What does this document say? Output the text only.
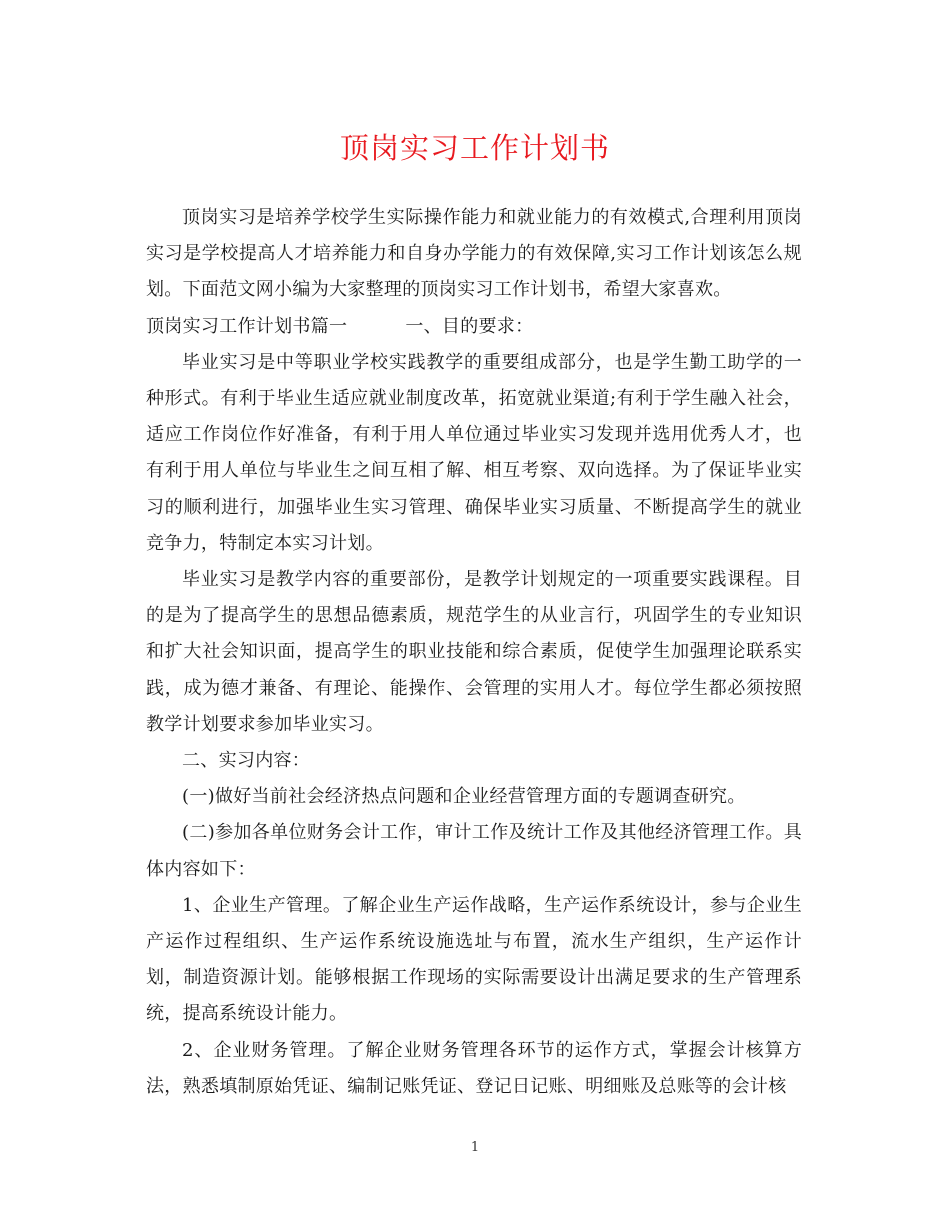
顶岗实习工作计划书

顶岗实习是培养学校学生实际操作能力和就业能力的有效模式,合理利用顶岗实习是学校提高人才培养能力和自身办学能力的有效保障,实习工作计划该怎么规划。下面范文网小编为大家整理的顶岗实习工作计划书，希望大家喜欢。

顶岗实习工作计划书篇一	一、目的要求：

毕业实习是中等职业学校实践教学的重要组成部分，也是学生勤工助学的一种形式。有利于毕业生适应就业制度改革，拓宽就业渠道;有利于学生融入社会，适应工作岗位作好准备，有利于用人单位通过毕业实习发现并选用优秀人才，也有利于用人单位与毕业生之间互相了解、相互考察、双向选择。为了保证毕业实习的顺利进行，加强毕业生实习管理、确保毕业实习质量、不断提高学生的就业竞争力，特制定本实习计划。

毕业实习是教学内容的重要部份，是教学计划规定的一项重要实践课程。目的是为了提高学生的思想品德素质，规范学生的从业言行，巩固学生的专业知识和扩大社会知识面，提高学生的职业技能和综合素质，促使学生加强理论联系实践，成为德才兼备、有理论、能操作、会管理的实用人才。每位学生都必须按照教学计划要求参加毕业实习。

二、实习内容：

(一)做好当前社会经济热点问题和企业经营管理方面的专题调查研究。

(二)参加各单位财务会计工作，审计工作及统计工作及其他经济管理工作。具体内容如下：

1、企业生产管理。了解企业生产运作战略，生产运作系统设计，参与企业生产运作过程组织、生产运作系统设施选址与布置，流水生产组织，生产运作计划，制造资源计划。能够根据工作现场的实际需要设计出满足要求的生产管理系统，提高系统设计能力。

2、企业财务管理。了解企业财务管理各环节的运作方式，掌握会计核算方法，熟悉填制原始凭证、编制记账凭证、登记日记账、明细账及总账等的会计核

1
